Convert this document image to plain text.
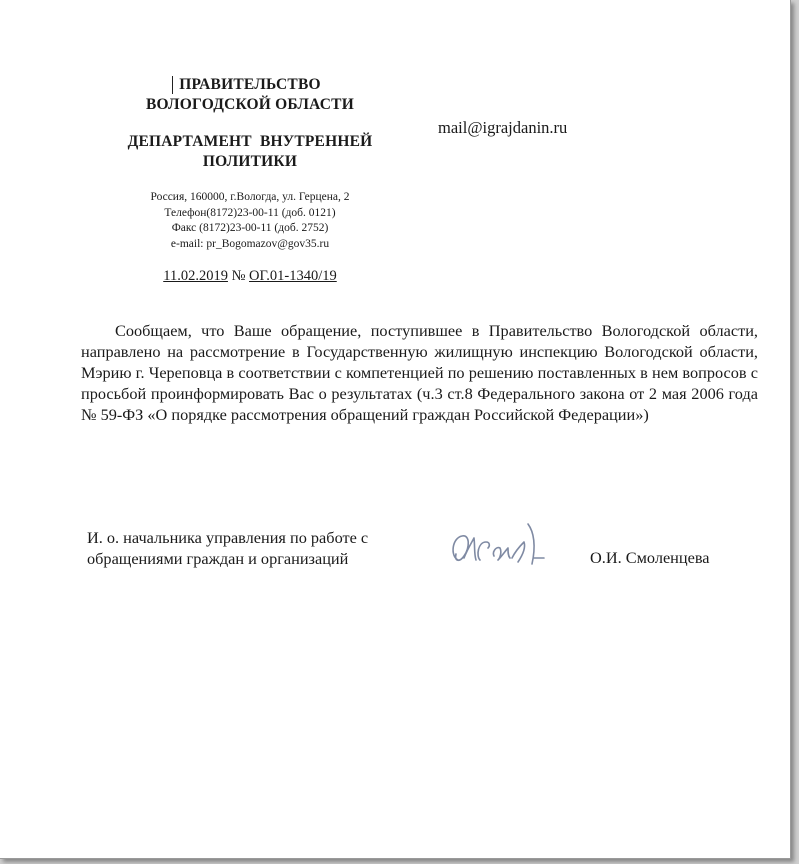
ПРАВИТЕЛЬСТВО
ВОЛОГОДСКОЙ ОБЛАСТИ
ДЕПАРТАМЕНТ  ВНУТРЕННЕЙ
ПОЛИТИКИ
Россия, 160000, г.Вологда, ул. Герцена, 2
Телефон(8172)23-00-11 (доб. 0121)
Факс (8172)23-00-11 (доб. 2752)
e-mail: pr_Bogomazov@gov35.ru
11.02.2019 № ОГ.01-1340/19
mail@igrajdanin.ru

Сообщаем, что Ваше обращение, поступившее в Правительство Вологодской области, направлено на рассмотрение в Государственную жилищную инспекцию Вологодской области, Мэрию г. Череповца в соответствии с компетенцией по решению поставленных в нем вопросов с просьбой проинформировать Вас о результатах (ч.3 ст.8 Федерального закона от 2 мая 2006 года № 59-ФЗ «О порядке рассмотрения обращений граждан Российской Федерации»)

И. о. начальника управления по работе с
обращениями граждан и организаций	О.И. Смоленцева
